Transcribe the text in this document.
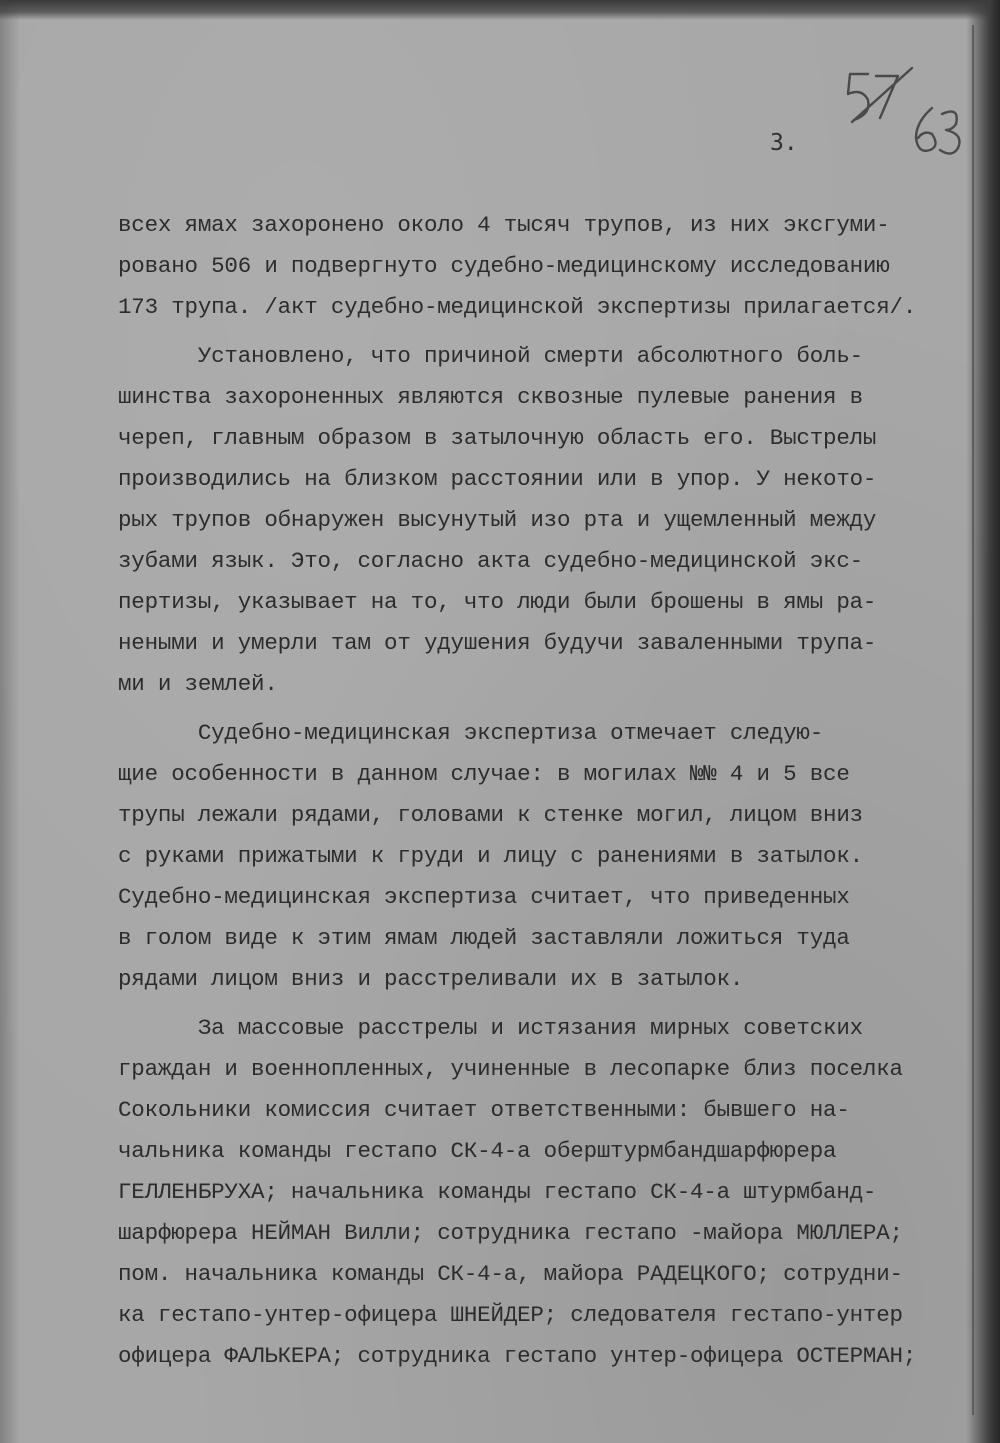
3.

всех ямах захоронено около 4 тысяч трупов, из них эксгуми-
ровано 506 и подвергнуто судебно-медицинскому исследованию
173 трупа. /акт судебно-медицинской экспертизы прилагается/.

Установлено, что причиной смерти абсолютного боль-
шинства захороненных являются сквозные пулевые ранения в
череп, главным образом в затылочную область его. Выстрелы
производились на близком расстоянии или в упор. У некото-
рых трупов обнаружен высунутый изо рта и ущемленный между
зубами язык. Это, согласно акта судебно-медицинской экс-
пертизы, указывает на то, что люди были брошены в ямы ра-
неными и умерли там от удушения будучи заваленными трупа-
ми и землей.

Судебно-медицинская экспертиза отмечает следую-
щие особенности в данном случае: в могилах №№ 4 и 5 все
трупы лежали рядами, головами к стенке могил, лицом вниз
с руками прижатыми к груди и лицу с ранениями в затылок.
Судебно-медицинская экспертиза считает, что приведенных
в голом виде к этим ямам людей заставляли ложиться туда
рядами лицом вниз и расстреливали их в затылок.

За массовые расстрелы и истязания мирных советских
граждан и военнопленных, учиненные в лесопарке близ поселка
Сокольники комиссия считает ответственными: бывшего на-
чальника команды гестапо СК-4-а оберштурмбандшарфюрера
ГЕЛЛЕНБРУХА; начальника команды гестапо СК-4-а штурмбанд-
шарфюрера НЕЙМАН Вилли; сотрудника гестапо -майора МЮЛЛЕРА;
пом. начальника команды СК-4-а, майора РАДЕЦКОГО; сотрудни-
ка гестапо-унтер-офицера ШНЕЙДЕР; следователя гестапо-унтер
офицера ФАЛЬКЕРА; сотрудника гестапо унтер-офицера ОСТЕРМАН;
